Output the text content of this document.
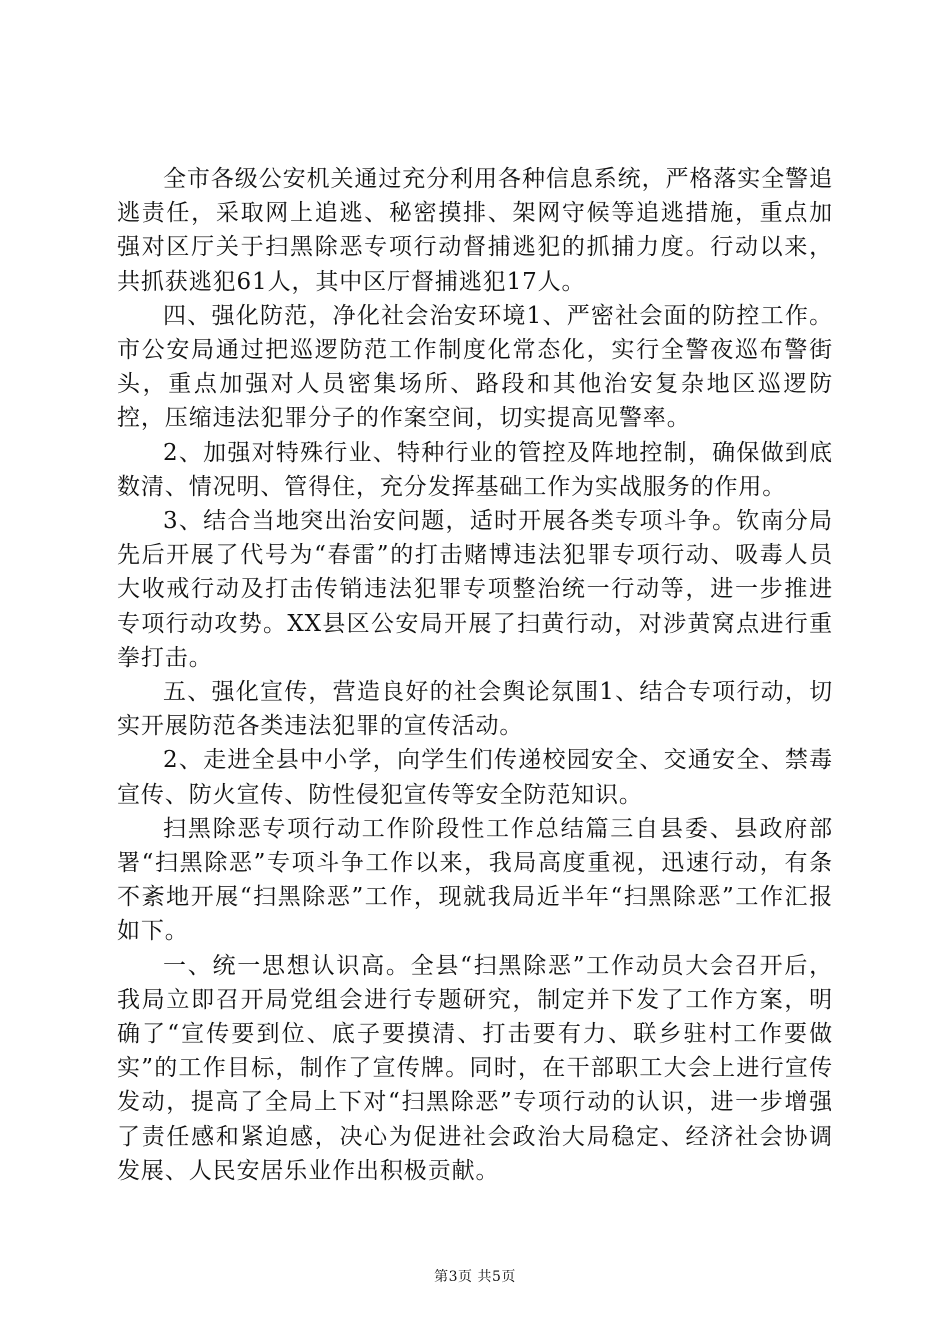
全市各级公安机关通过充分利用各种信息系统，严格落实全警追逃责任，采取网上追逃、秘密摸排、架网守候等追逃措施，重点加强对区厅关于扫黑除恶专项行动督捕逃犯的抓捕力度。行动以来，共抓获逃犯61人，其中区厅督捕逃犯17人。

四、强化防范，净化社会治安环境1、严密社会面的防控工作。市公安局通过把巡逻防范工作制度化常态化，实行全警夜巡布警街头，重点加强对人员密集场所、路段和其他治安复杂地区巡逻防控，压缩违法犯罪分子的作案空间，切实提高见警率。

2、加强对特殊行业、特种行业的管控及阵地控制，确保做到底数清、情况明、管得住，充分发挥基础工作为实战服务的作用。

3、结合当地突出治安问题，适时开展各类专项斗争。钦南分局先后开展了代号为“春雷”的打击赌博违法犯罪专项行动、吸毒人员大收戒行动及打击传销违法犯罪专项整治统一行动等，进一步推进专项行动攻势。XX县区公安局开展了扫黄行动，对涉黄窝点进行重拳打击。

五、强化宣传，营造良好的社会舆论氛围1、结合专项行动，切实开展防范各类违法犯罪的宣传活动。

2、走进全县中小学，向学生们传递校园安全、交通安全、禁毒宣传、防火宣传、防性侵犯宣传等安全防范知识。

扫黑除恶专项行动工作阶段性工作总结篇三自县委、县政府部署“扫黑除恶”专项斗争工作以来，我局高度重视，迅速行动，有条不紊地开展“扫黑除恶”工作，现就我局近半年“扫黑除恶”工作汇报如下。

一、统一思想认识高。全县“扫黑除恶”工作动员大会召开后，我局立即召开局党组会进行专题研究，制定并下发了工作方案，明确了“宣传要到位、底子要摸清、打击要有力、联乡驻村工作要做实”的工作目标，制作了宣传牌。同时，在干部职工大会上进行宣传发动，提高了全局上下对“扫黑除恶”专项行动的认识，进一步增强了责任感和紧迫感，决心为促进社会政治大局稳定、经济社会协调发展、人民安居乐业作出积极贡献。

第3页 共5页
